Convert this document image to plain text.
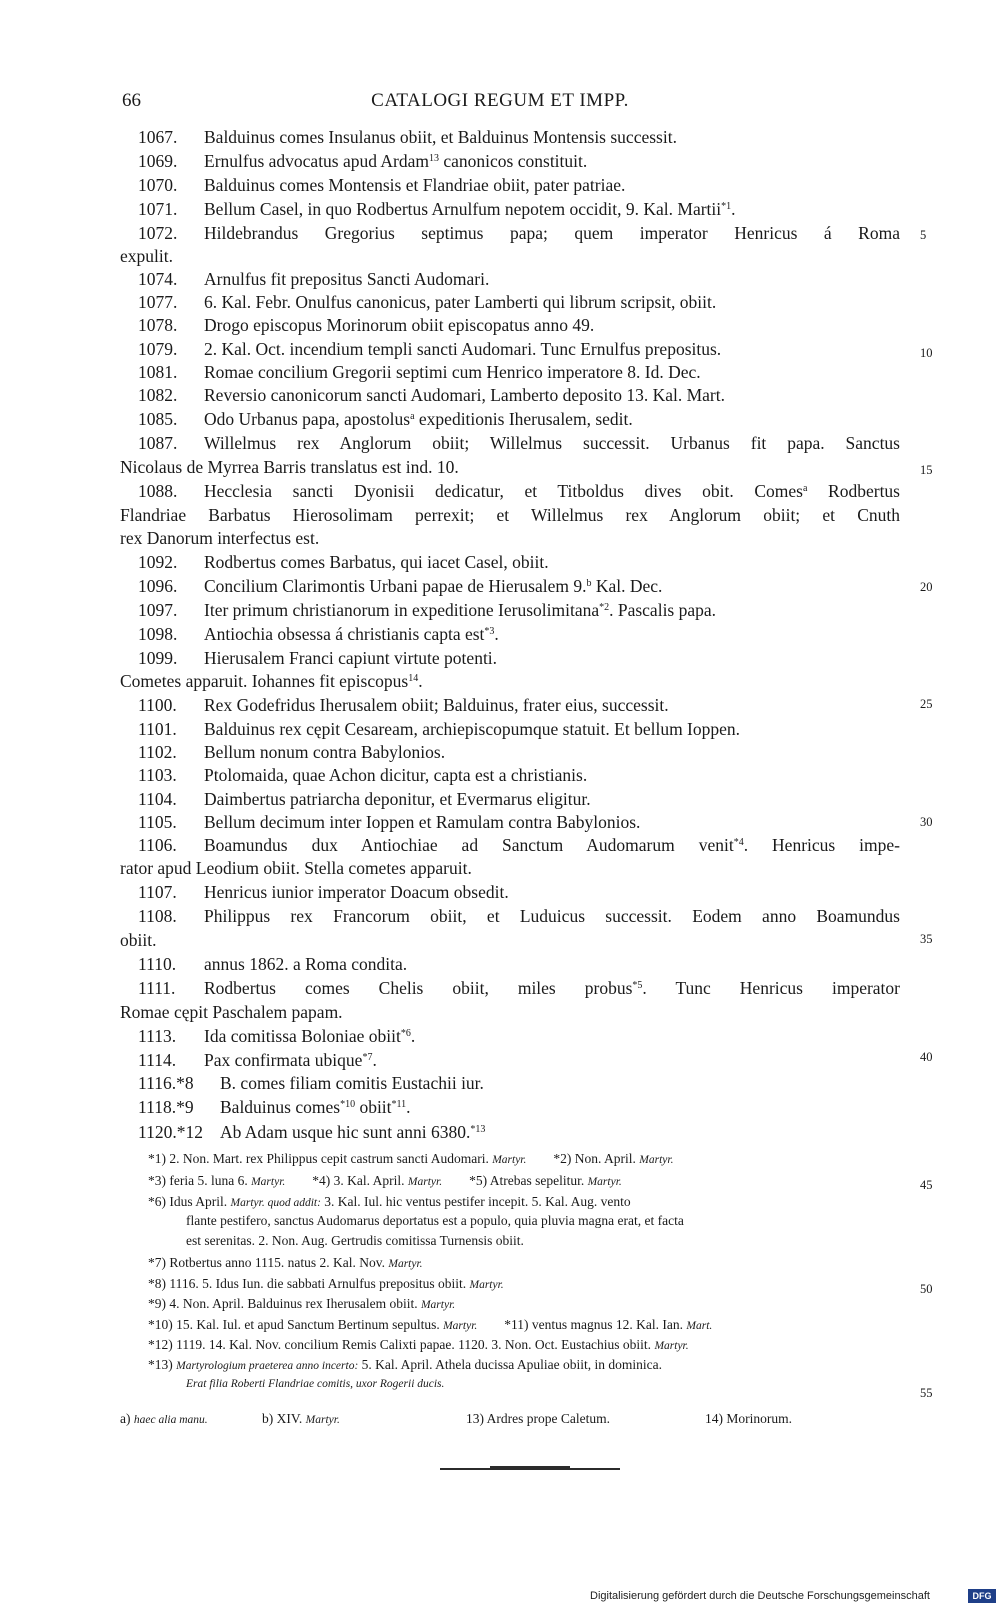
66	CATALOGI REGUM ET IMPP.
1067. Balduinus comes Insulanus obiit, et Balduinus Montensis successit.
1069. Ernulfus advocatus apud Ardam$^{13}$ canonicos constituit.
1070. Balduinus comes Montensis et Flandriae obiit, pater patriae.
1071. Bellum Casel, in quo Rodbertus Arnulfum nepotem occidit, 9. Kal. Martii$^{*1}$.
1072. Hildebrandus Gregorius septimus papa; quem imperator Henricus á Roma
expulit.
1074. Arnulfus fit prepositus Sancti Audomari.
1077. 6. Kal. Febr. Onulfus canonicus, pater Lamberti qui librum scripsit, obiit.
1078. Drogo episcopus Morinorum obiit episcopatus anno 49.
1079. 2. Kal. Oct. incendium templi sancti Audomari. Tunc Ernulfus prepositus.
1081. Romae concilium Gregorii septimi cum Henrico imperatore 8. Id. Dec.
1082. Reversio canonicorum sancti Audomari, Lamberto deposito 13. Kal. Mart.
1085. Odo Urbanus papa, apostolus$^a$ expeditionis Iherusalem, sedit.
1087. Willelmus rex Anglorum obiit; Willelmus successit. Urbanus fit papa. Sanctus
Nicolaus de Myrrea Barris translatus est ind. 10.
1088. Hecclesia sancti Dyonisii dedicatur, et Titboldus dives obit. Comes$^a$ Rodbertus
Flandriae Barbatus Hierosolimam perrexit; et Willelmus rex Anglorum obiit; et Cnuth
rex Danorum interfectus est.
1092. Rodbertus comes Barbatus, qui iacet Casel, obiit.
1096. Concilium Clarimontis Urbani papae de Hierusalem 9.$^b$ Kal. Dec.
1097. Iter primum christianorum in expeditione Ierusolimitana$^{*2}$. Pascalis papa.
1098. Antiochia obsessa á christianis capta est$^{*3}$.
1099. Hierusalem Franci capiunt virtute potenti.
Cometes apparuit. Iohannes fit episcopus$^{14}$.
1100. Rex Godefridus Iherusalem obiit; Balduinus, frater eius, successit.
1101. Balduinus rex cępit Cesaream, archiepiscopumque statuit. Et bellum Ioppen.
1102. Bellum nonum contra Babylonios.
1103. Ptolomaida, quae Achon dicitur, capta est a christianis.
1104. Daimbertus patriarcha deponitur, et Evermarus eligitur.
1105. Bellum decimum inter Ioppen et Ramulam contra Babylonios.
1106. Boamundus dux Antiochiae ad Sanctum Audomarum venit$^{*4}$. Henricus impe-
rator apud Leodium obiit. Stella cometes apparuit.
1107. Henricus iunior imperator Doacum obsedit.
1108. Philippus rex Francorum obiit, et Luduicus successit. Eodem anno Boamundus
obiit.
1110. annus 1862. a Roma condita.
1111. Rodbertus comes Chelis obiit, miles probus$^{*5}$. Tunc Henricus imperator
Romae cępit Paschalem papam.
1113. Ida comitissa Boloniae obiit$^{*6}$.
1114. Pax confirmata ubique$^{*7}$.
1116.*8 B. comes filiam comitis Eustachii iur.
1118.*9 Balduinus comes$^{*10}$ obiit$^{*11}$.
1120.*12 Ab Adam usque hic sunt anni 6380.$^{*13}$
5
10
15
20
25
30
35
40
45
50
55
*1) 2. Non. Mart. rex Philippus cepit castrum sancti Audomari. Martyr.   *2) Non. April. Martyr.
*3) feria 5. luna 6. Martyr.   *4) 3. Kal. April. Martyr.   *5) Atrebas sepelitur. Martyr.
*6) Idus April. Martyr. quod addit: 3. Kal. Iul. hic ventus pestifer incepit. 5. Kal. Aug. vento
flante pestifero, sanctus Audomarus deportatus est a populo, quia pluvia magna erat, et facta
est serenitas. 2. Non. Aug. Gertrudis comitissa Turnensis obiit.
*7) Rotbertus anno 1115. natus 2. Kal. Nov. Martyr.
*8) 1116. 5. Idus Iun. die sabbati Arnulfus prepositus obiit. Martyr.
*9) 4. Non. April. Balduinus rex Iherusalem obiit. Martyr.
*10) 15. Kal. Iul. et apud Sanctum Bertinum sepultus. Martyr.   *11) ventus magnus 12. Kal. Ian. Mart.
*12) 1119. 14. Kal. Nov. concilium Remis Calixti papae. 1120. 3. Non. Oct. Eustachius obiit. Martyr.
*13) Martyrologium praeterea anno incerto: 5. Kal. April. Athela ducissa Apuliae obiit, in dominica.
Erat filia Roberti Flandriae comitis, uxor Rogerii ducis.
a) haec alia manu.	b) XIV. Martyr.	13) Ardres prope Caletum.	14) Morinorum.
Digitalisierung gefördert durch die Deutsche Forschungsgemeinschaft	DFG
